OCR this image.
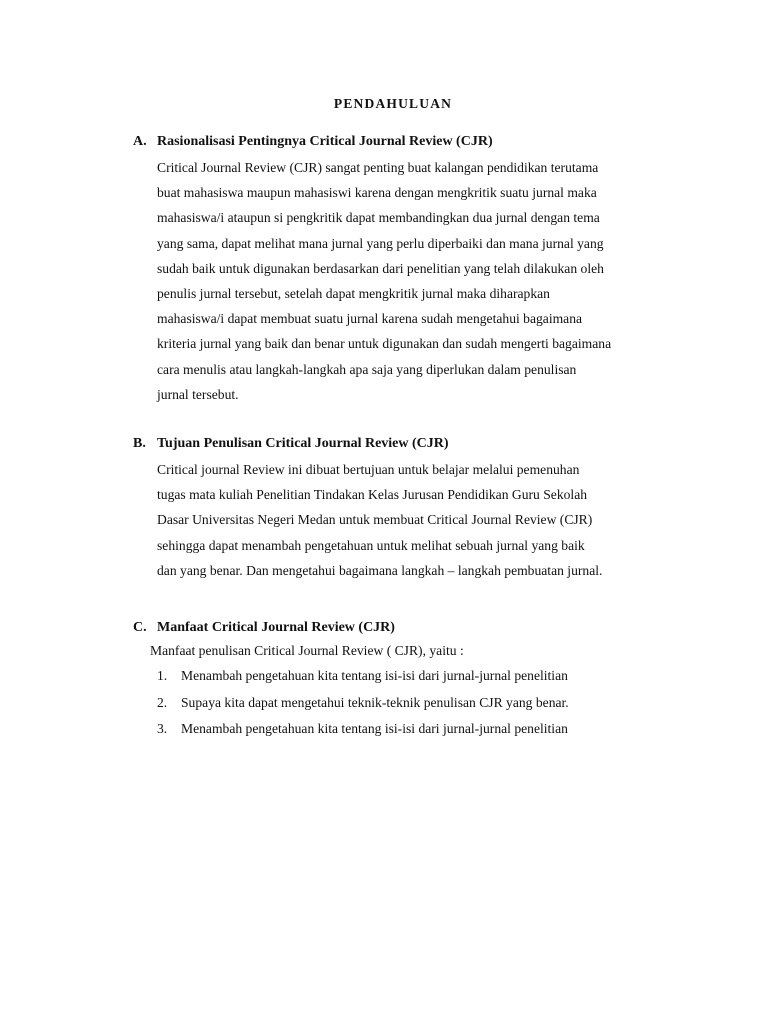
PENDAHULUAN
A. Rasionalisasi Pentingnya Critical Journal Review (CJR)
Critical Journal Review (CJR) sangat penting buat kalangan pendidikan terutama
buat mahasiswa maupun mahasiswi karena dengan mengkritik suatu jurnal maka
mahasiswa/i ataupun si pengkritik dapat membandingkan dua jurnal dengan tema
yang sama, dapat melihat mana jurnal yang perlu diperbaiki dan mana jurnal yang
sudah baik untuk digunakan berdasarkan dari penelitian yang telah dilakukan oleh
penulis jurnal tersebut, setelah dapat mengkritik jurnal maka diharapkan
mahasiswa/i dapat membuat suatu jurnal karena sudah mengetahui bagaimana
kriteria jurnal yang baik dan benar untuk digunakan dan sudah mengerti bagaimana
cara menulis atau langkah-langkah apa saja yang diperlukan dalam penulisan
jurnal tersebut.
B. Tujuan Penulisan Critical Journal Review (CJR)
Critical journal Review ini dibuat bertujuan untuk belajar melalui pemenuhan
tugas mata kuliah Penelitian Tindakan Kelas Jurusan Pendidikan Guru Sekolah
Dasar Universitas Negeri Medan untuk membuat Critical Journal Review (CJR)
sehingga dapat menambah pengetahuan untuk melihat sebuah jurnal yang baik
dan yang benar. Dan mengetahui bagaimana langkah – langkah pembuatan jurnal.
C. Manfaat Critical Journal Review (CJR)
Manfaat penulisan Critical Journal Review ( CJR), yaitu :
1.	Menambah pengetahuan kita tentang isi-isi dari jurnal-jurnal penelitian
2.	Supaya kita dapat mengetahui teknik-teknik penulisan CJR yang benar.
3.	Menambah pengetahuan kita tentang isi-isi dari jurnal-jurnal penelitian
